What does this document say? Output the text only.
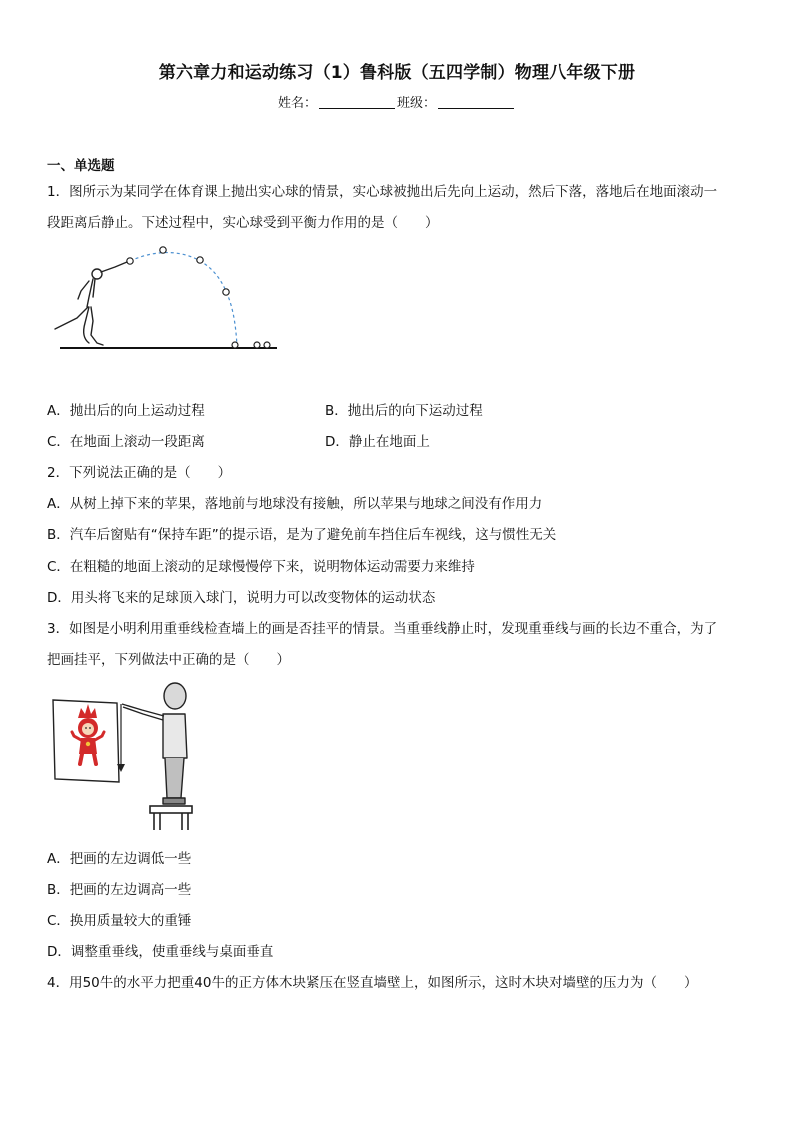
第六章力和运动练习（1）鲁科版（五四学制）物理八年级下册
姓名：	班级：
一、单选题
1．图所示为某同学在体育课上抛出实心球的情景，实心球被抛出后先向上运动，然后下落，落地后在地面滚动一
段距离后静止。下述过程中，实心球受到平衡力作用的是（　　）
A．抛出后的向上运动过程	B．抛出后的向下运动过程
C．在地面上滚动一段距离	D．静止在地面上
2．下列说法正确的是（　　）
A．从树上掉下来的苹果，落地前与地球没有接触，所以苹果与地球之间没有作用力
B．汽车后窗贴有“保持车距”的提示语，是为了避免前车挡住后车视线，这与惯性无关
C．在粗糙的地面上滚动的足球慢慢停下来，说明物体运动需要力来维持
D．用头将飞来的足球顶入球门，说明力可以改变物体的运动状态
3．如图是小明利用重垂线检查墙上的画是否挂平的情景。当重垂线静止时，发现重垂线与画的长边不重合，为了
把画挂平，下列做法中正确的是（　　）
A．把画的左边调低一些
B．把画的左边调高一些
C．换用质量较大的重锤
D．调整重垂线，使重垂线与桌面垂直
4．用50牛的水平力把重40牛的正方体木块紧压在竖直墙壁上，如图所示，这时木块对墙壁的压力为（　　）
